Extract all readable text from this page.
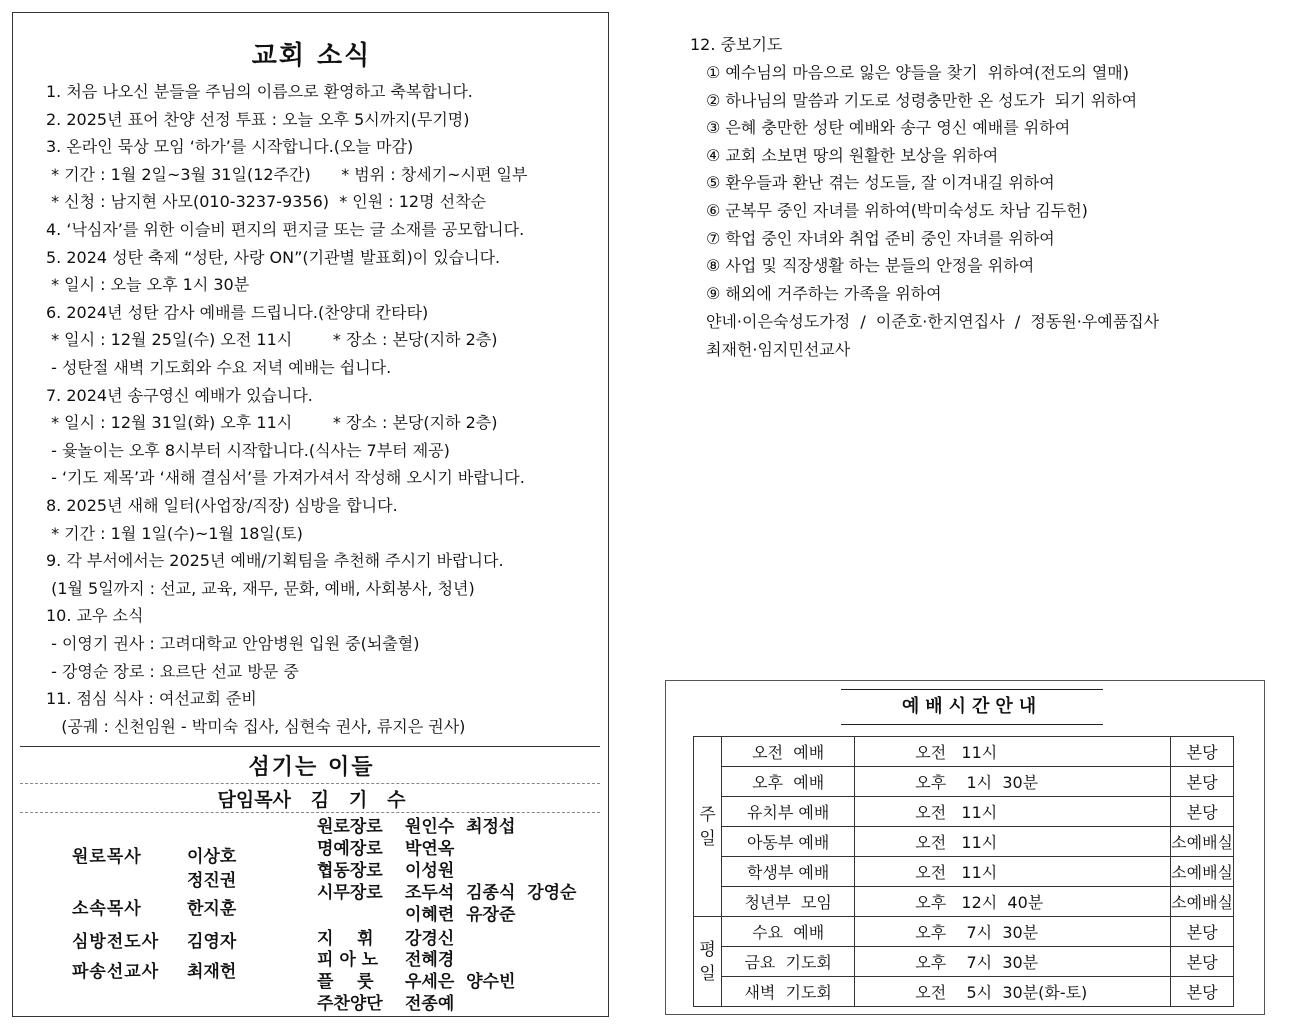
교회 소식
1. 처음 나오신 분들을 주님의 이름으로 환영하고 축복합니다.
2. 2025년 표어 찬양 선정 투표 : 오늘 오후 5시까지(무기명)
3. 온라인 묵상 모임 ‘하가’를 시작합니다.(오늘 마감)
* 기간 : 1월 2일~3월 31일(12주간)      * 범위 : 창세기~시편 일부
* 신청 : 남지현 사모(010-3237-9356)  * 인원 : 12명 선착순
4. ‘낙심자’를 위한 이슬비 편지의 편지글 또는 글 소재를 공모합니다.
5. 2024 성탄 축제 “성탄, 사랑 ON”(기관별 발표회)이 있습니다.
* 일시 : 오늘 오후 1시 30분
6. 2024년 성탄 감사 예배를 드립니다.(찬양대 칸타타)
* 일시 : 12월 25일(수) 오전 11시        * 장소 : 본당(지하 2층)
- 성탄절 새벽 기도회와 수요 저녁 예배는 쉽니다.
7. 2024년 송구영신 예배가 있습니다.
* 일시 : 12월 31일(화) 오후 11시        * 장소 : 본당(지하 2층)
- 윷놀이는 오후 8시부터 시작합니다.(식사는 7부터 제공)
- ‘기도 제목’과 ‘새해 결심서’를 가져가셔서 작성해 오시기 바랍니다.
8. 2025년 새해 일터(사업장/직장) 심방을 합니다.
* 기간 : 1월 1일(수)~1월 18일(토)
9. 각 부서에서는 2025년 예배/기획팀을 추천해 주시기 바랍니다.
(1월 5일까지 : 선교, 교육, 재무, 문화, 예배, 사회봉사, 청년)
10. 교우 소식
- 이영기 권사 : 고려대학교 안암병원 입원 중(뇌출혈)
- 강영순 장로 : 요르단 선교 방문 중
11. 점심 식사 : 여선교회 준비
(공궤 : 신천임원 - 박미숙 집사, 심현숙 권사, 류지은 권사)
섬기는 이들
담임목사   김   기   수
원로목사	이상호
정진권
소속목사	한지훈
심방전도사 김영자
파송선교사 최재헌
원로장로 원인수  최정섭
명예장로 박연옥
협동장로 이성원
시무장로 조두석  김종식  강영순
이혜련  유장준
지    휘 강경신
피 아 노 전혜경
플    룻 우세은  양수빈
주찬양단 전종예
12. 중보기도
① 예수님의 마음으로 잃은 양들을 찾기  위하여(전도의 열매)
② 하나님의 말씀과 기도로 성령충만한 온 성도가  되기 위하여
③ 은혜 충만한 성탄 예배와 송구 영신 예배를 위하여
④ 교회 소보면 땅의 원활한 보상을 위하여
⑤ 환우들과 환난 겪는 성도들, 잘 이겨내길 위하여
⑥ 군복무 중인 자녀를 위하여(박미숙성도 차남 김두헌)
⑦ 학업 중인 자녀와 취업 준비 중인 자녀를 위하여
⑧ 사업 및 직장생활 하는 분들의 안정을 위하여
⑨ 해외에 거주하는 가족을 위하여
얀네·이은숙성도가정  /  이준호·한지연집사  /  정동원·우예품집사
최재헌·임지민선교사
예배시간안내
주
일	오전  예배	오전   11시	본당
	오후  예배	오후    1시  30분	본당
	유치부 예배	오전   11시	본당
	아동부 예배	오전   11시	소예배실
	학생부 예배	오전   11시	소예배실
	청년부  모임	오후   12시  40분	소예배실

평
일	수요  예배	오후    7시  30분	본당
	금요  기도회	오후    7시  30분	본당
	새벽  기도회	오전    5시  30분(화-토)	본당
